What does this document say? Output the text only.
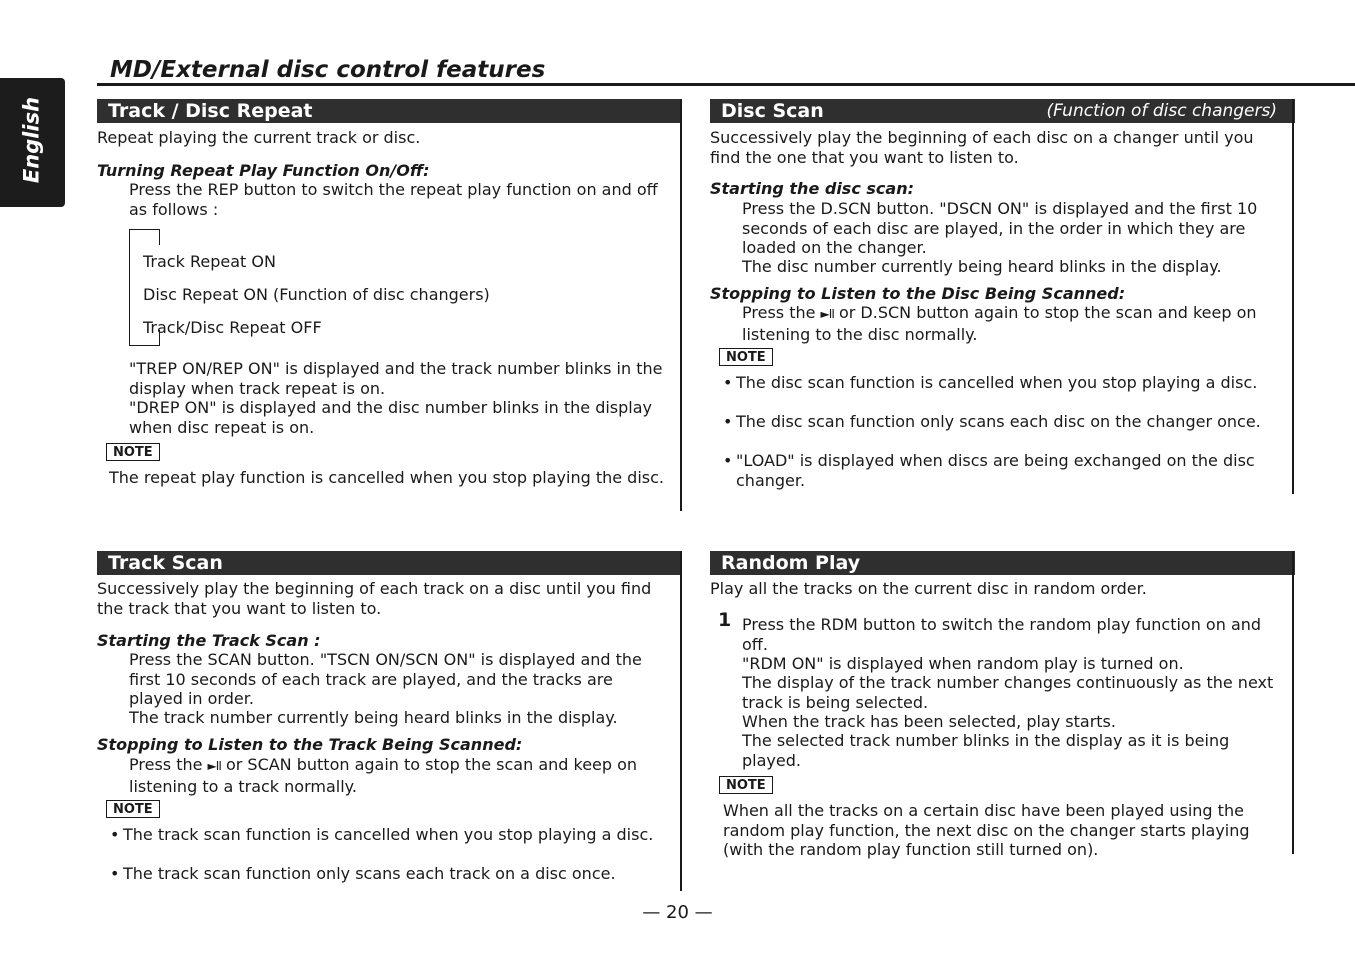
English
MD/External disc control features
Track / Disc Repeat
Repeat playing the current track or disc.
Turning Repeat Play Function On/Off:
Press the REP button to switch the repeat play function on and off as follows :
Track Repeat ON
Disc Repeat ON (Function of disc changers)
Track/Disc Repeat OFF
"TREP ON/REP ON" is displayed and the track number blinks in the display when track repeat is on.
"DREP ON" is displayed and the disc number blinks in the display when disc repeat is on.
NOTE
The repeat play function is cancelled when you stop playing the disc.
Disc Scan	(Function of disc changers)
Successively play the beginning of each disc on a changer until you find the one that you want to listen to.
Starting the disc scan:
Press the D.SCN button. "DSCN ON" is displayed and the first 10 seconds of each disc are played, in the order in which they are loaded on the changer.
The disc number currently being heard blinks in the display.
Stopping to Listen to the Disc Being Scanned:
Press the ►II or D.SCN button again to stop the scan and keep on listening to the disc normally.
NOTE
• The disc scan function is cancelled when you stop playing a disc.
• The disc scan function only scans each disc on the changer once.
• "LOAD" is displayed when discs are being exchanged on the disc changer.
Track Scan
Successively play the beginning of each track on a disc until you find the track that you want to listen to.
Starting the Track Scan :
Press the SCAN button. "TSCN ON/SCN ON" is displayed and the first 10 seconds of each track are played, and the tracks are played in order.
The track number currently being heard blinks in the display.
Stopping to Listen to the Track Being Scanned:
Press the ►II or SCAN button again to stop the scan and keep on listening to a track normally.
NOTE
• The track scan function is cancelled when you stop playing a disc.
• The track scan function only scans each track on a disc once.
Random Play
Play all the tracks on the current disc in random order.
1 Press the RDM button to switch the random play function on and off.
"RDM ON" is displayed when random play is turned on.
The display of the track number changes continuously as the next track is being selected.
When the track has been selected, play starts.
The selected track number blinks in the display as it is being played.
NOTE
When all the tracks on a certain disc have been played using the random play function, the next disc on the changer starts playing (with the random play function still turned on).
— 20 —
